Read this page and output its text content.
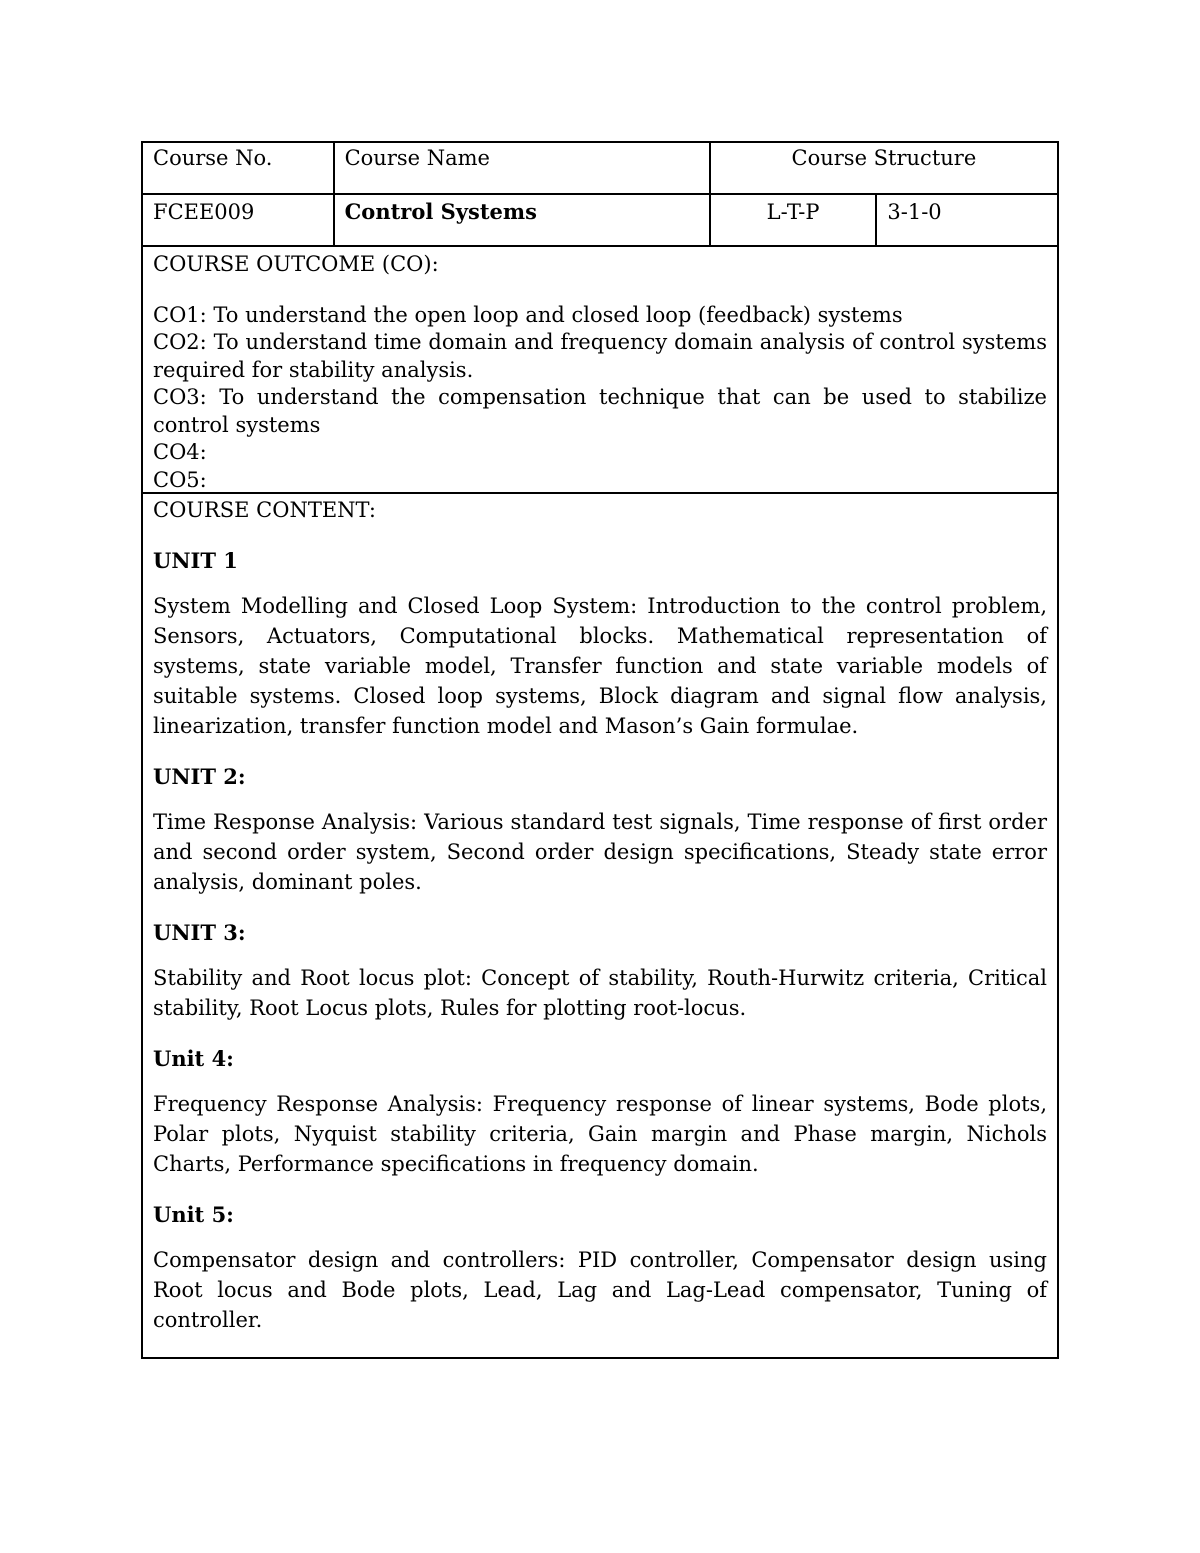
Course No.	Course Name	Course Structure
FCEE009	Control Systems	L-T-P	3-1-0
COURSE OUTCOME (CO):
CO1: To understand the open loop and closed loop (feedback) systems
CO2: To understand time domain and frequency domain analysis of control systems required for stability analysis.
CO3: To understand the compensation technique that can be used to stabilize control systems
CO4:
CO5:
COURSE CONTENT:
UNIT 1
System Modelling and Closed Loop System: Introduction to the control problem, Sensors, Actuators, Computational blocks. Mathematical representation of systems, state variable model, Transfer function and state variable models of suitable systems. Closed loop systems, Block diagram and signal flow analysis, linearization, transfer function model and Mason’s Gain formulae.
UNIT 2:
Time Response Analysis: Various standard test signals, Time response of first order and second order system, Second order design specifications, Steady state error analysis, dominant poles.
UNIT 3:
Stability and Root locus plot: Concept of stability, Routh-Hurwitz criteria, Critical stability, Root Locus plots, Rules for plotting root-locus.
Unit 4:
Frequency Response Analysis: Frequency response of linear systems, Bode plots, Polar plots, Nyquist stability criteria, Gain margin and Phase margin, Nichols Charts, Performance specifications in frequency domain.
Unit 5:
Compensator design and controllers: PID controller, Compensator design using Root locus and Bode plots, Lead, Lag and Lag-Lead compensator, Tuning of controller.
